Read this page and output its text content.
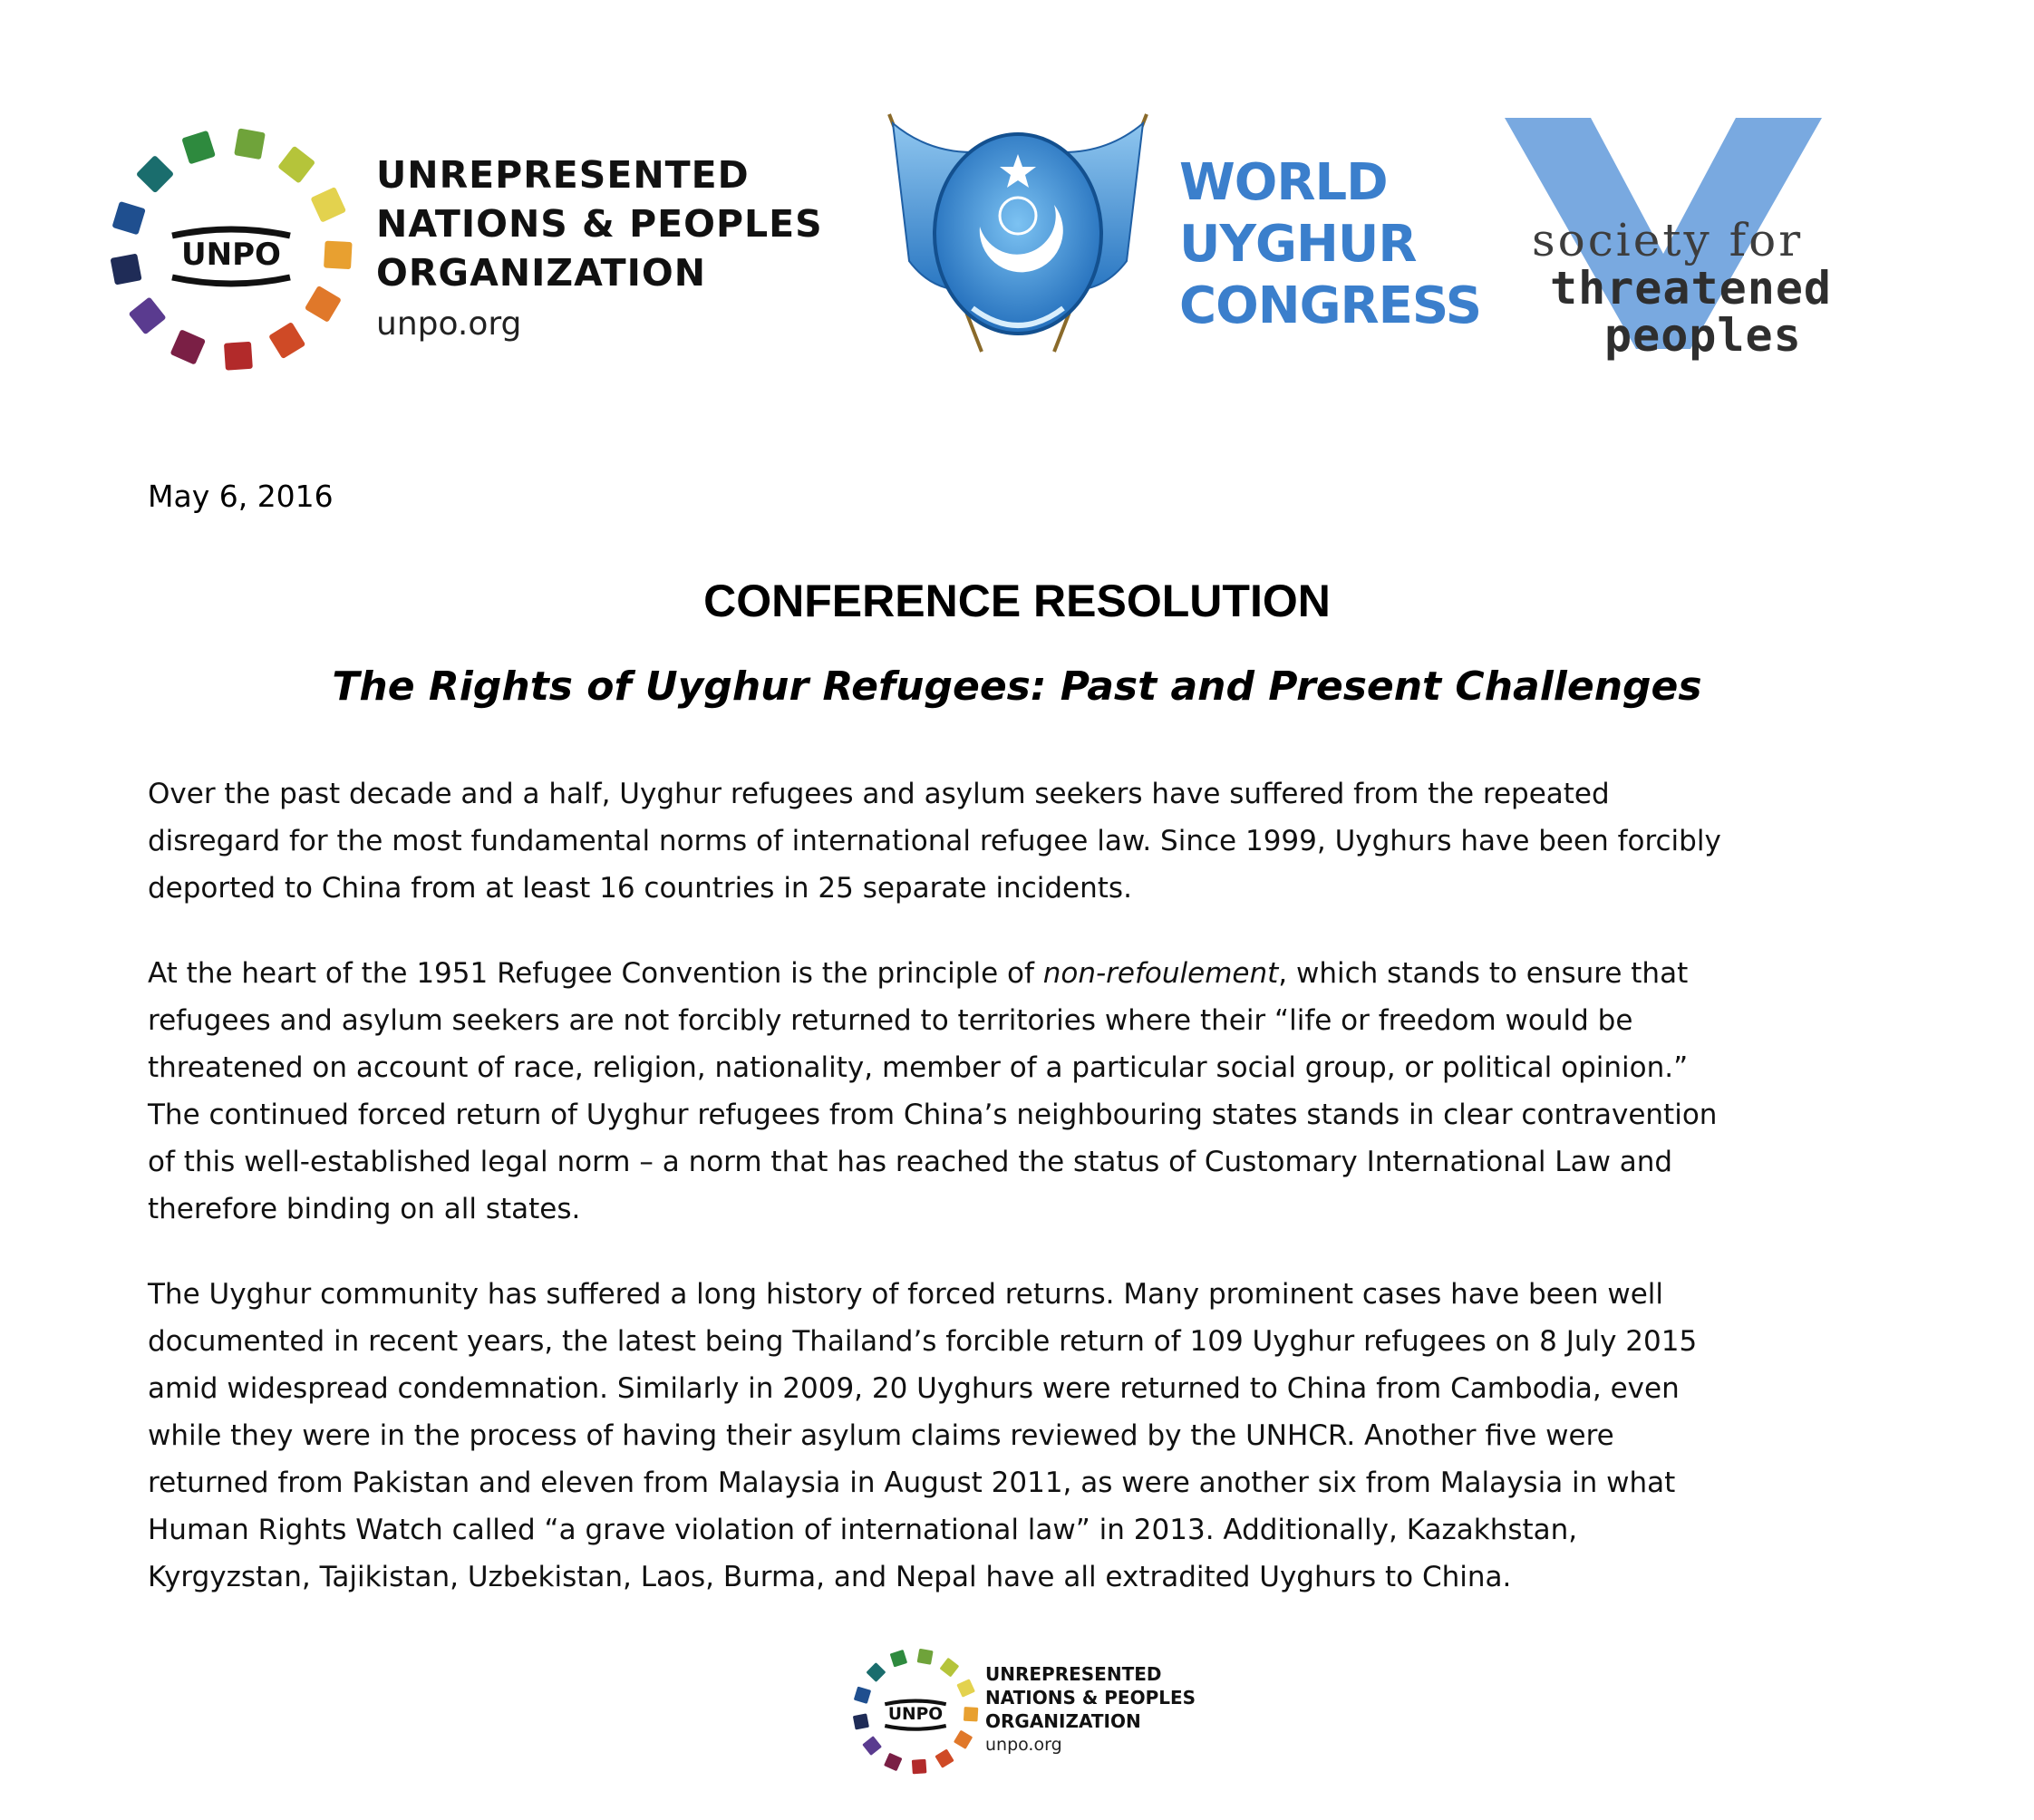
UNPO
UNREPRESENTED
NATIONS & PEOPLES
ORGANIZATION
unpo.org
WORLD
UYGHUR
CONGRESS
society for
threatened
peoples
May 6, 2016
CONFERENCE RESOLUTION
The Rights of Uyghur Refugees: Past and Present Challenges

Over the past decade and a half, Uyghur refugees and asylum seekers have suffered from the repeated
disregard for the most fundamental norms of international refugee law. Since 1999, Uyghurs have been forcibly
deported to China from at least 16 countries in 25 separate incidents.

At the heart of the 1951 Refugee Convention is the principle of non-refoulement, which stands to ensure that
refugees and asylum seekers are not forcibly returned to territories where their “life or freedom would be
threatened on account of race, religion, nationality, member of a particular social group, or political opinion.”
The continued forced return of Uyghur refugees from China’s neighbouring states stands in clear contravention
of this well-established legal norm – a norm that has reached the status of Customary International Law and
therefore binding on all states.

The Uyghur community has suffered a long history of forced returns. Many prominent cases have been well
documented in recent years, the latest being Thailand’s forcible return of 109 Uyghur refugees on 8 July 2015
amid widespread condemnation. Similarly in 2009, 20 Uyghurs were returned to China from Cambodia, even
while they were in the process of having their asylum claims reviewed by the UNHCR. Another five were
returned from Pakistan and eleven from Malaysia in August 2011, as were another six from Malaysia in what
Human Rights Watch called “a grave violation of international law” in 2013. Additionally, Kazakhstan,
Kyrgyzstan, Tajikistan, Uzbekistan, Laos, Burma, and Nepal have all extradited Uyghurs to China.

UNPO
UNREPRESENTED
NATIONS & PEOPLES
ORGANIZATION
unpo.org
